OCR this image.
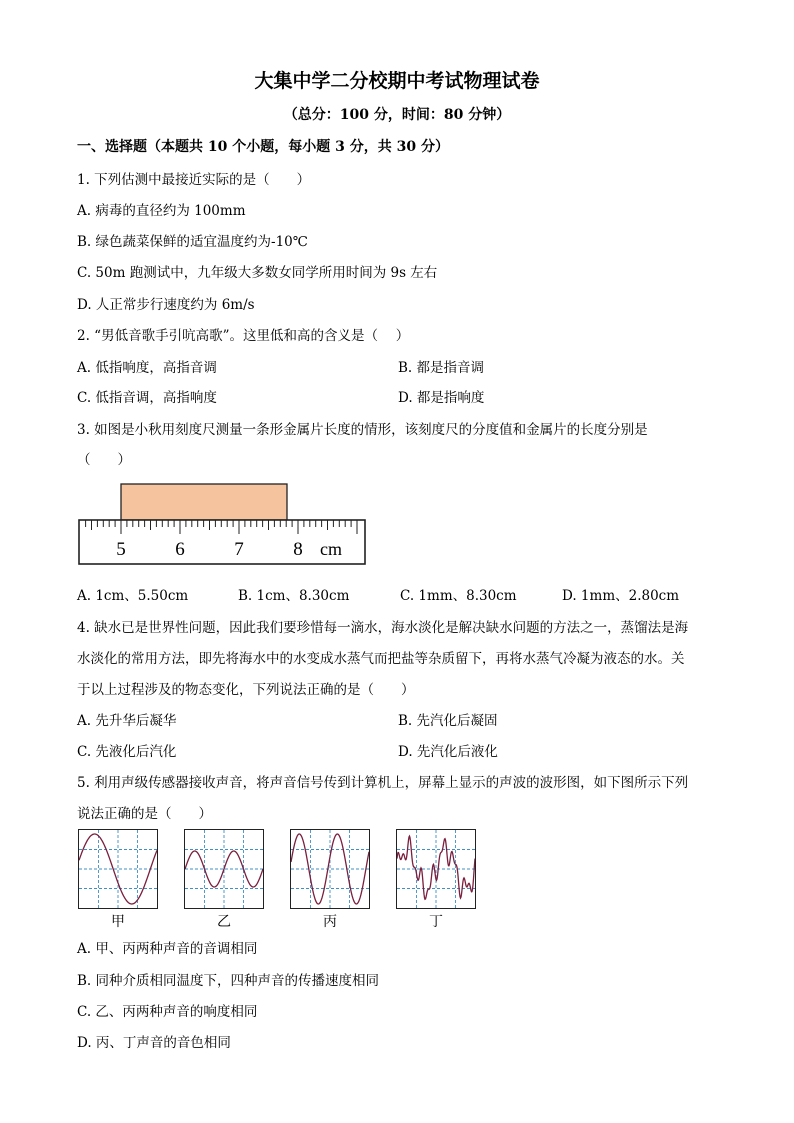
大集中学二分校期中考试物理试卷
（总分：100 分，时间：80 分钟）
一、选择题（本题共 10 个小题，每小题 3 分，共 30 分）
1. 下列估测中最接近实际的是（　　）
A. 病毒的直径约为 100mm
B. 绿色蔬菜保鲜的适宜温度约为-10℃
C. 50m 跑测试中，九年级大多数女同学所用时间为 9s 左右
D. 人正常步行速度约为 6m/s
2. “男低音歌手引吭高歌”。这里低和高的含义是（　 ）
A. 低指响度，高指音调	B. 都是指音调
C. 低指音调，高指响度	D. 都是指响度
3. 如图是小秋用刻度尺测量一条形金属片长度的情形，该刻度尺的分度值和金属片的长度分别是
（　　）
5	6	7	8 cm
A. 1cm、5.50cm	B. 1cm、8.30cm	C. 1mm、8.30cm	D. 1mm、2.80cm
4. 缺水已是世界性问题，因此我们要珍惜每一滴水，海水淡化是解决缺水问题的方法之一，蒸馏法是海
水淡化的常用方法，即先将海水中的水变成水蒸气而把盐等杂质留下，再将水蒸气冷凝为液态的水。关
于以上过程涉及的物态变化，下列说法正确的是（　　）
A. 先升华后凝华	B. 先汽化后凝固
C. 先液化后汽化	D. 先汽化后液化
5. 利用声级传感器接收声音，将声音信号传到计算机上，屏幕上显示的声波的波形图，如下图所示下列
说法正确的是（　　）
甲	乙	丙	丁
A. 甲、丙两种声音的音调相同
B. 同种介质相同温度下，四种声音的传播速度相同
C. 乙、丙两种声音的响度相同
D. 丙、丁声音的音色相同
